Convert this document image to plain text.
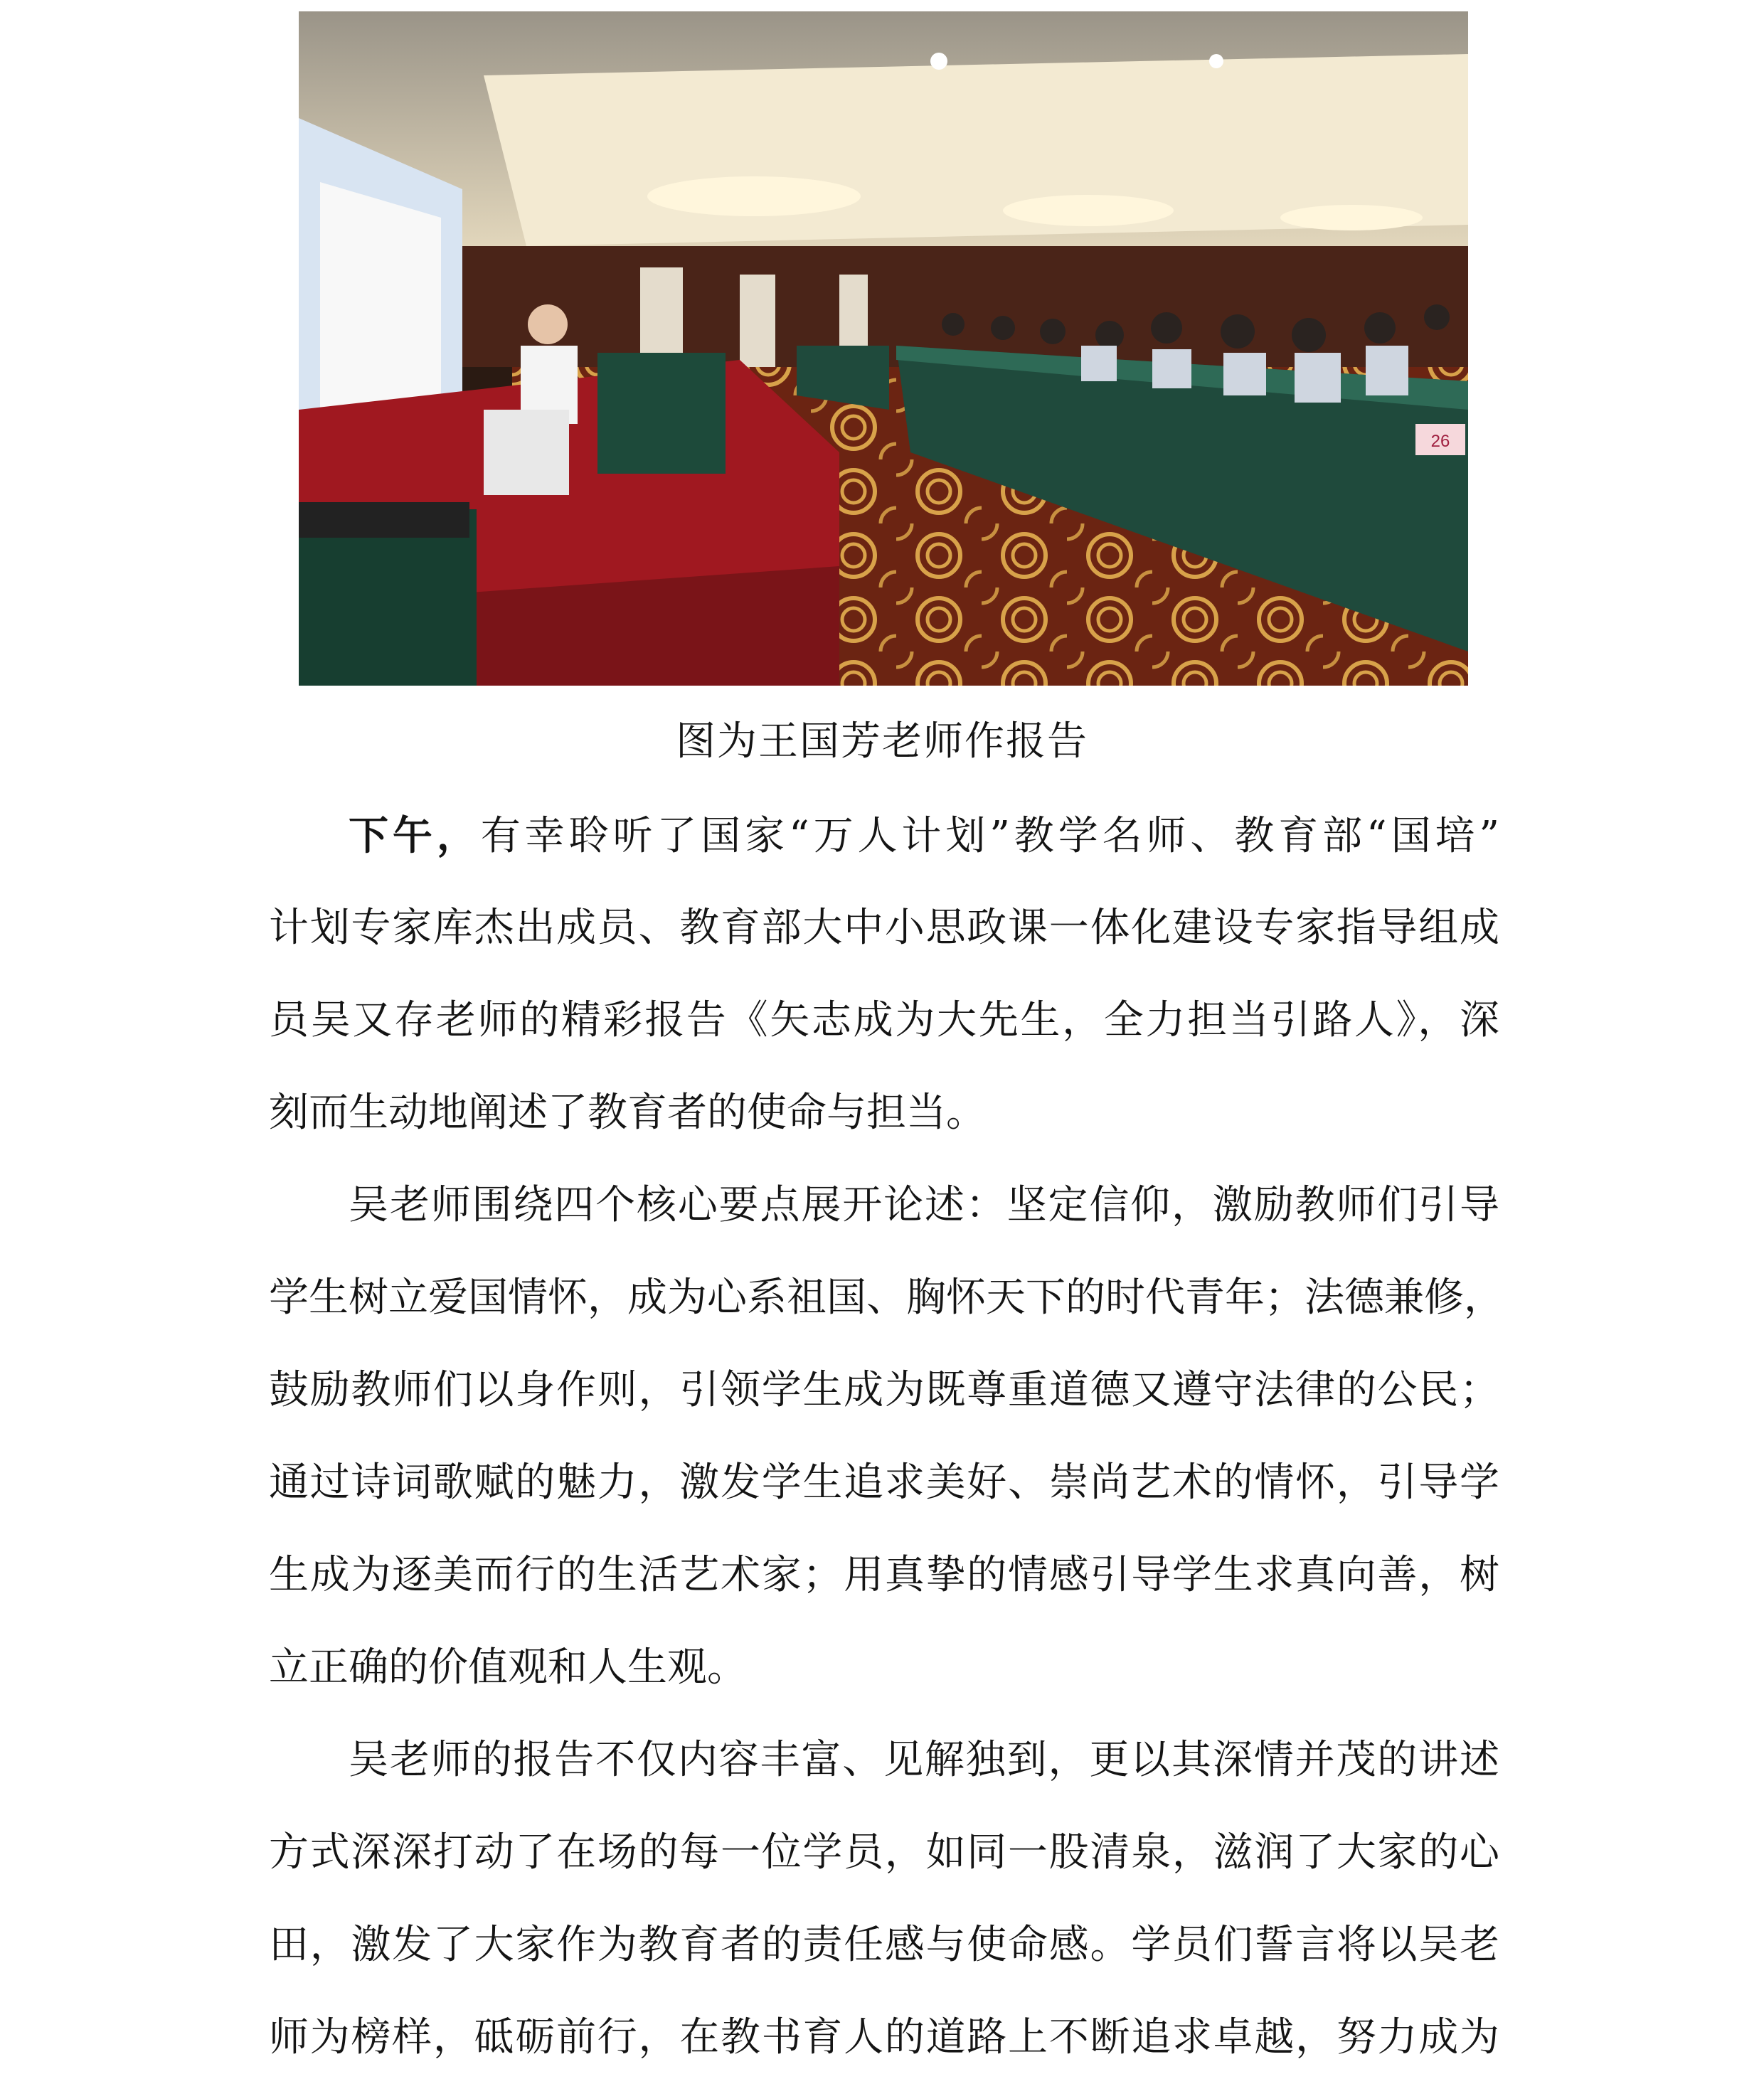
26
图为王国芳老师作报告
下午，有幸聆听了国家“万人计划”教学名师、教育部“国培”
计划专家库杰出成员、教育部大中小思政课一体化建设专家指导组成
员吴又存老师的精彩报告《矢志成为大先生，全力担当引路人》，深
刻而生动地阐述了教育者的使命与担当。
吴老师围绕四个核心要点展开论述：坚定信仰，激励教师们引导
学生树立爱国情怀，成为心系祖国、胸怀天下的时代青年；法德兼修，
鼓励教师们以身作则，引领学生成为既尊重道德又遵守法律的公民；
通过诗词歌赋的魅力，激发学生追求美好、崇尚艺术的情怀，引导学
生成为逐美而行的生活艺术家；用真挚的情感引导学生求真向善，树
立正确的价值观和人生观。
吴老师的报告不仅内容丰富、见解独到，更以其深情并茂的讲述
方式深深打动了在场的每一位学员，如同一股清泉，滋润了大家的心
田，激发了大家作为教育者的责任感与使命感。学员们誓言将以吴老
师为榜样，砥砺前行，在教书育人的道路上不断追求卓越，努力成为
